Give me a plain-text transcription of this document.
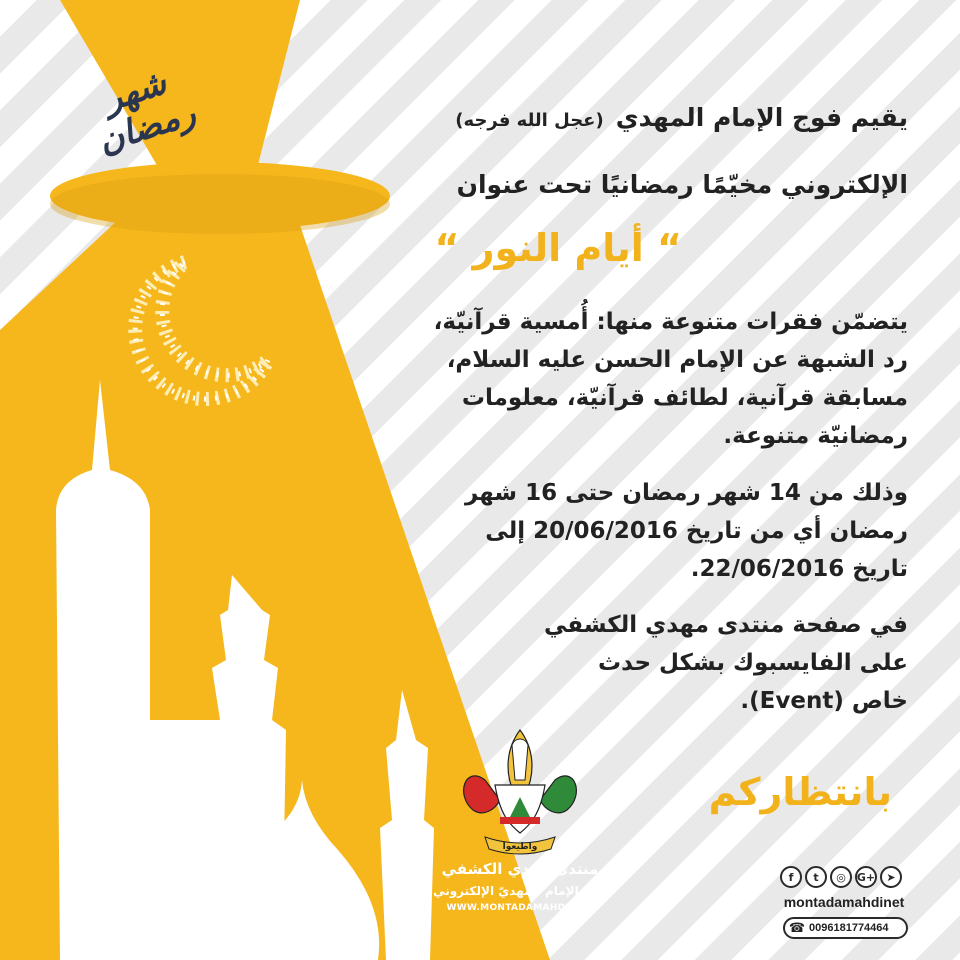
واطيعوا
شهر رمضان	يقيم فوج الإمام المهدي(عجل الله فرجه)
الإلكتروني مخيّمًا رمضانيًا تحت عنوان
“ أيام النور “
يتضمّن فقرات متنوعة منها: أُمسية قرآنيّة،
رد الشبهة عن الإمام الحسن عليه السلام،
مسابقة قرآنية، لطائف قرآنيّة، معلومات
رمضانيّة متنوعة.
وذلك من 14 شهر رمضان حتى 16 شهر
رمضان أي من تاريخ 20/06/2016 إلى
تاريخ 22/06/2016.
في صفحة منتدى مهدي الكشفي
على الفايسبوك بشكل حدث
خاص (Event).
بانتظاركم
منتدى مهدي الكشفي
فوج الإمام المهديّ الإلكتروني
WWW.MONTADAMAHDI.NET
f	t	◎	G+	➤
montadamahdinet
☎ 0096181774464
